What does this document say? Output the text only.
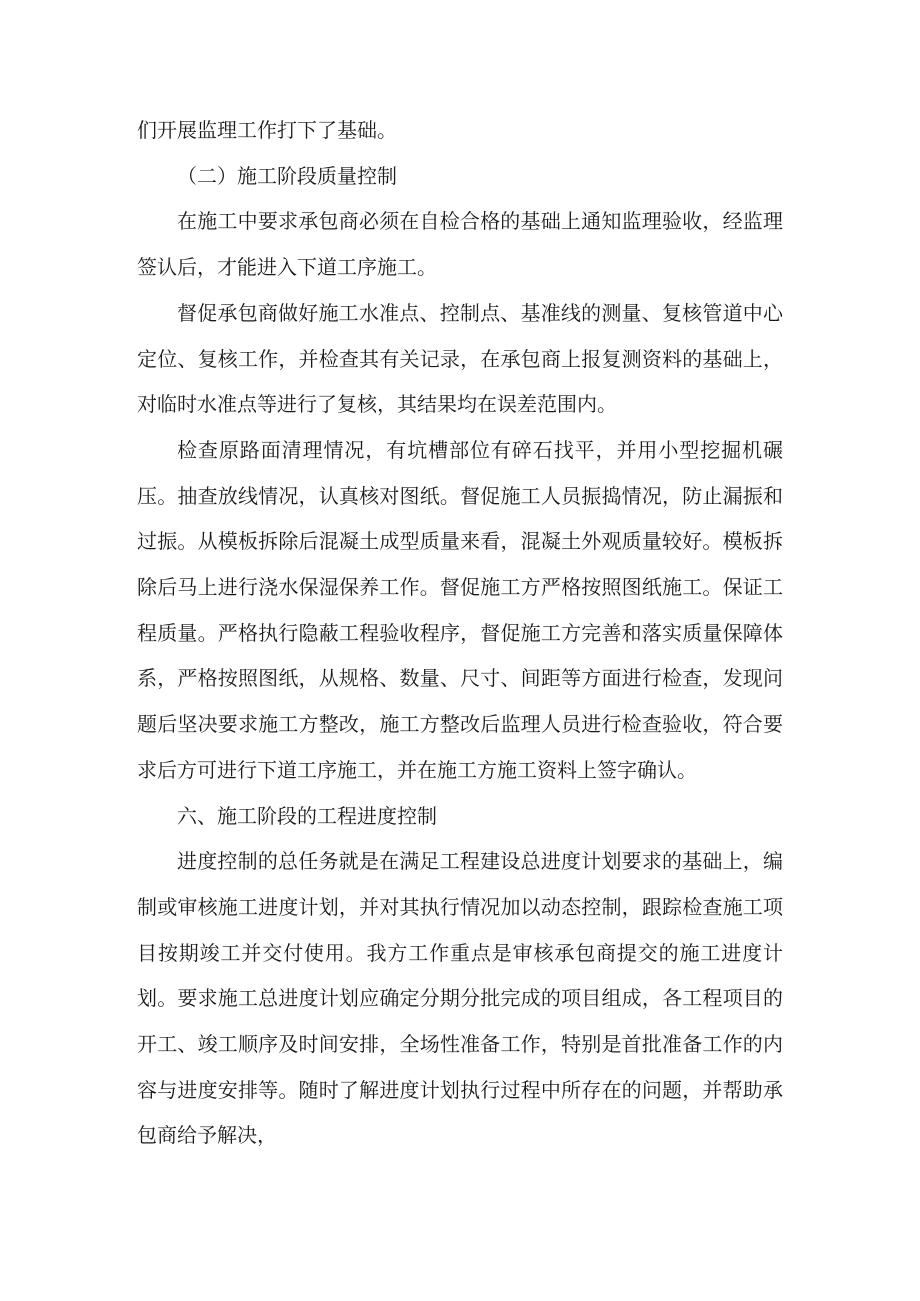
们开展监理工作打下了基础。

（二）施工阶段质量控制

在施工中要求承包商必须在自检合格的基础上通知监理验收，经监理签认后，才能进入下道工序施工。

督促承包商做好施工水准点、控制点、基准线的测量、复核管道中心定位、复核工作，并检查其有关记录，在承包商上报复测资料的基础上，对临时水准点等进行了复核，其结果均在误差范围内。

检查原路面清理情况，有坑槽部位有碎石找平，并用小型挖掘机碾压。抽查放线情况，认真核对图纸。督促施工人员振捣情况，防止漏振和过振。从模板拆除后混凝土成型质量来看，混凝土外观质量较好。模板拆除后马上进行浇水保湿保养工作。督促施工方严格按照图纸施工。保证工程质量。严格执行隐蔽工程验收程序，督促施工方完善和落实质量保障体系，严格按照图纸，从规格、数量、尺寸、间距等方面进行检查，发现问题后坚决要求施工方整改，施工方整改后监理人员进行检查验收，符合要求后方可进行下道工序施工，并在施工方施工资料上签字确认。

六、施工阶段的工程进度控制

进度控制的总任务就是在满足工程建设总进度计划要求的基础上，编制或审核施工进度计划，并对其执行情况加以动态控制，跟踪检查施工项目按期竣工并交付使用。我方工作重点是审核承包商提交的施工进度计划。要求施工总进度计划应确定分期分批完成的项目组成，各工程项目的开工、竣工顺序及时间安排，全场性准备工作，特别是首批准备工作的内容与进度安排等。随时了解进度计划执行过程中所存在的问题，并帮助承包商给予解决，
